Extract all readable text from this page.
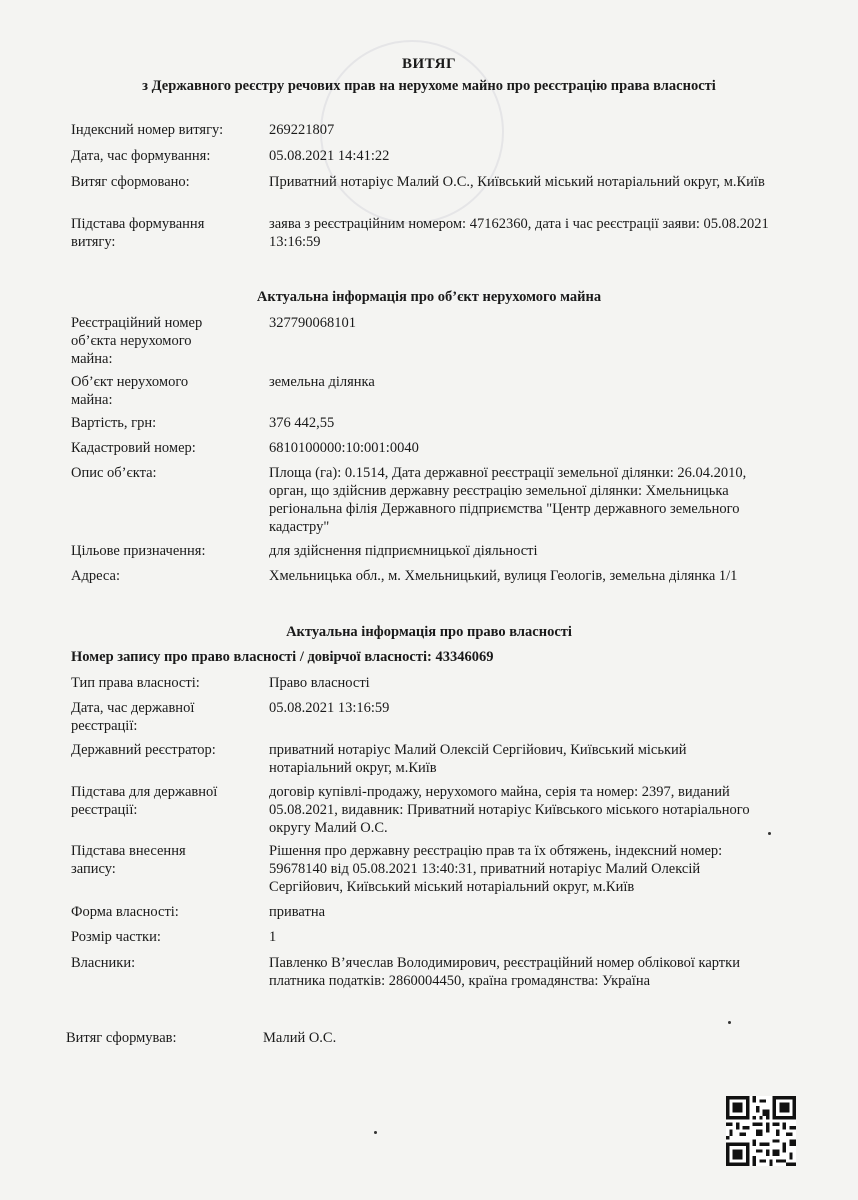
ВИТЯГ
з Державного реєстру речових прав на нерухоме майно про реєстрацію права власності
Індексний номер витягу:	269221807
Дата, час формування:	05.08.2021 14:41:22
Витяг сформовано:	Приватний нотаріус Малий О.С., Київський міський нотаріальний округ, м.Київ
Підстава формування витягу:
заява з реєстраційним номером: 47162360, дата і час реєстрації заяви: 05.08.2021 13:16:59
Актуальна інформація про об’єкт нерухомого майна
Реєстраційний номер об’єкта нерухомого майна:
327790068101
Об’єкт нерухомого майна:
земельна ділянка
Вартість, грн:	376 442,55
Кадастровий номер:	6810100000:10:001:0040
Опис об’єкта:	Площа (га): 0.1514, Дата державної реєстрації земельної ділянки: 26.04.2010, орган, що здійснив державну реєстрацію земельної ділянки: Хмельницька регіональна філія Державного підприємства "Центр державного земельного кадастру"
Цільове призначення:	для здійснення підприємницької діяльності
Адреса:	Хмельницька обл., м. Хмельницький, вулиця Геологів, земельна ділянка 1/1
Актуальна інформація про право власності
Номер запису про право власності / довірчої власності: 43346069
Тип права власності:	Право власності
Дата, час державної реєстрації:
05.08.2021 13:16:59
Державний реєстратор:	приватний нотаріус Малий Олексій Сергійович, Київський міський нотаріальний округ, м.Київ
Підстава для державної реєстрації:
договір купівлі-продажу, нерухомого майна, серія та номер: 2397, виданий 05.08.2021, видавник: Приватний нотаріус Київського міського нотаріального округу Малий О.С.
Підстава внесення запису:
Рішення про державну реєстрацію прав та їх обтяжень, індексний номер: 59678140 від 05.08.2021 13:40:31, приватний нотаріус Малий Олексій Сергійович, Київський міський нотаріальний округ, м.Київ
Форма власності:	приватна
Розмір частки:	1
Власники:	Павленко В’ячеслав Володимирович, реєстраційний номер облікової картки платника податків: 2860004450, країна громадянства: Україна
Витяг сформував:	Малий О.С.
